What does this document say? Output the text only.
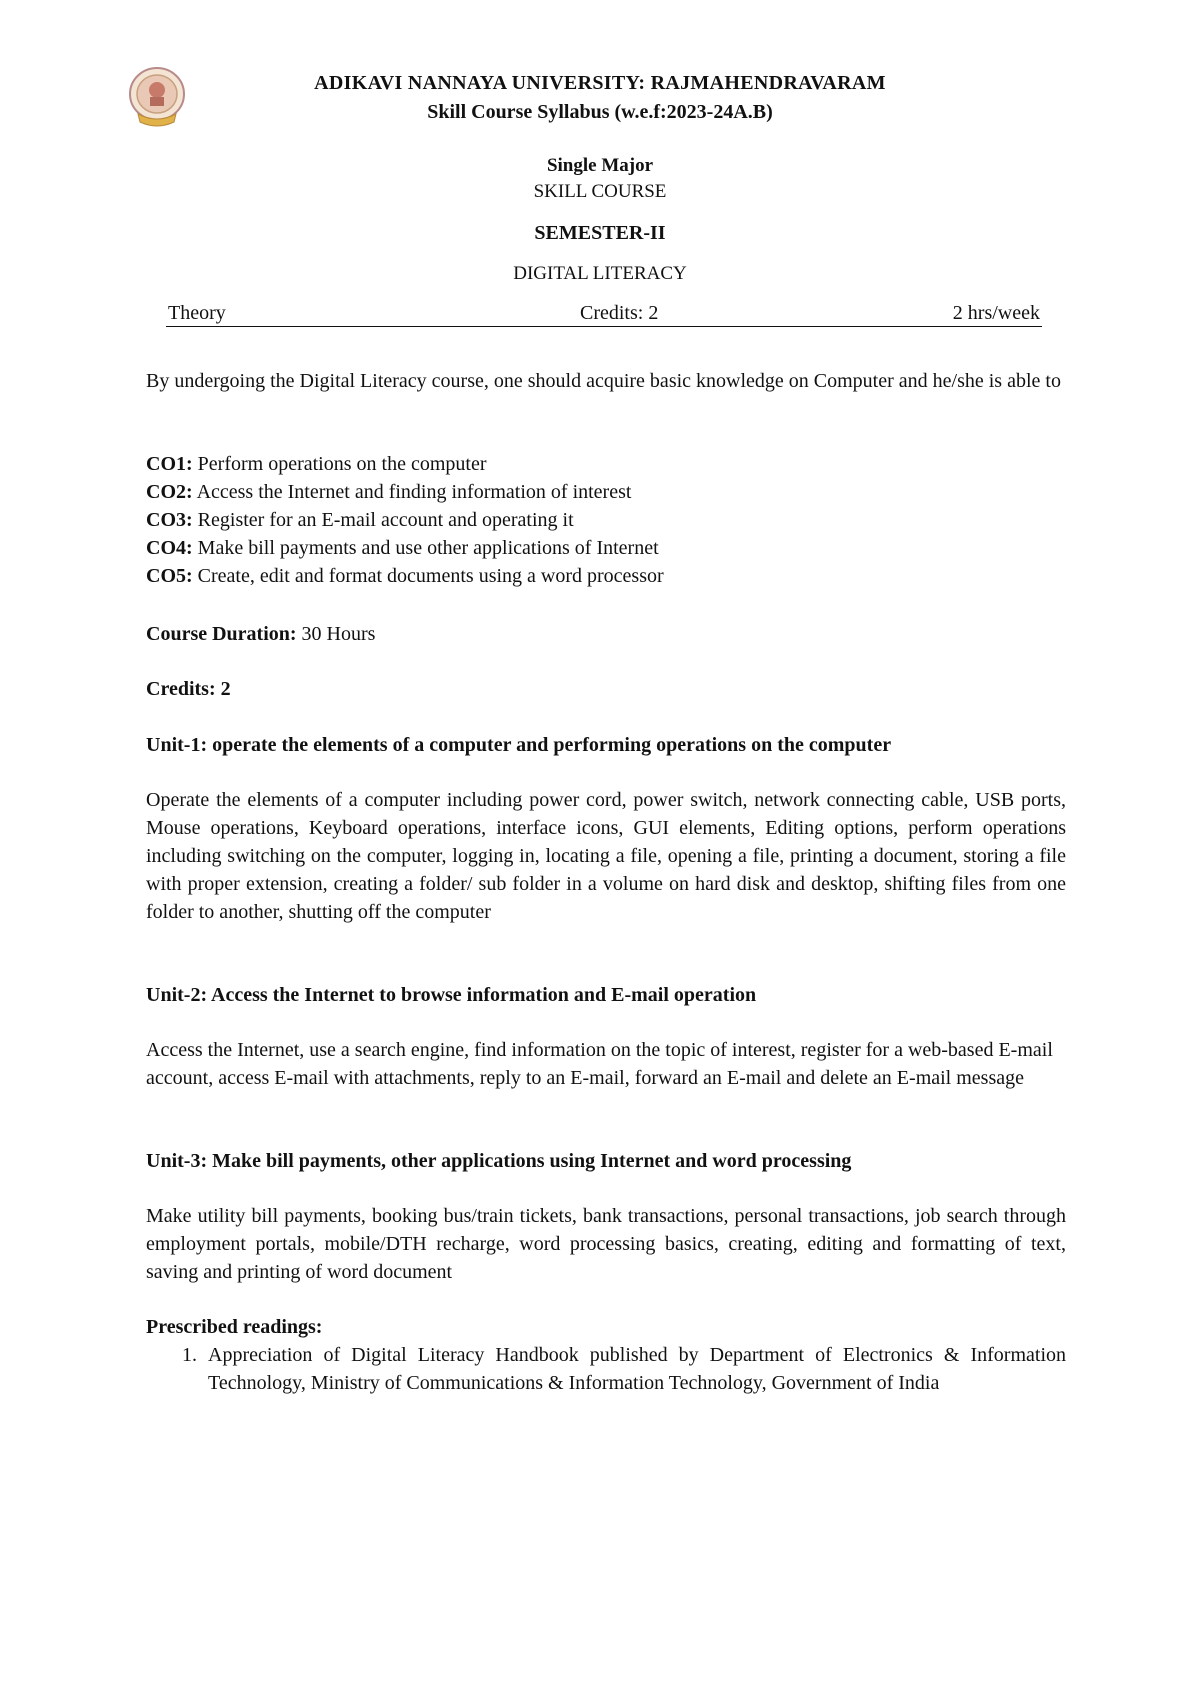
ADIKAVI NANNAYA UNIVERSITY: RAJMAHENDRAVARAM
Skill Course Syllabus (w.e.f:2023-24A.B)
Single Major
SKILL COURSE
SEMESTER-II
DIGITAL LITERACY
Theory	Credits: 2	2 hrs/week
By undergoing the Digital Literacy course, one should acquire basic knowledge on Computer and he/she is able to
CO1: Perform operations on the computer
CO2: Access the Internet and finding information of interest
CO3: Register for an E-mail account and operating it
CO4: Make bill payments and use other applications of Internet
CO5: Create, edit and format documents using a word processor
Course Duration: 30 Hours
Credits: 2
Unit-1: operate the elements of a computer and performing operations on the computer
Operate the elements of a computer including power cord, power switch, network connecting cable, USB ports, Mouse operations, Keyboard operations, interface icons, GUI elements, Editing options, perform operations including switching on the computer, logging in, locating a file, opening a file, printing a document, storing a file with proper extension, creating a folder/ sub folder in a volume on hard disk and desktop, shifting files from one folder to another, shutting off the computer
Unit-2: Access the Internet to browse information and E-mail operation
Access the Internet, use a search engine, find information on the topic of interest, register for a web-based E-mail account, access E-mail with attachments, reply to an E-mail, forward an E-mail and delete an E-mail message
Unit-3: Make bill payments, other applications using Internet and word processing
Make utility bill payments, booking bus/train tickets, bank transactions, personal transactions, job search through employment portals, mobile/DTH recharge, word processing basics, creating, editing and formatting of text, saving and printing of word document
Prescribed readings:
1. Appreciation of Digital Literacy Handbook published by Department of Electronics & Information Technology, Ministry of Communications & Information Technology, Government of India
